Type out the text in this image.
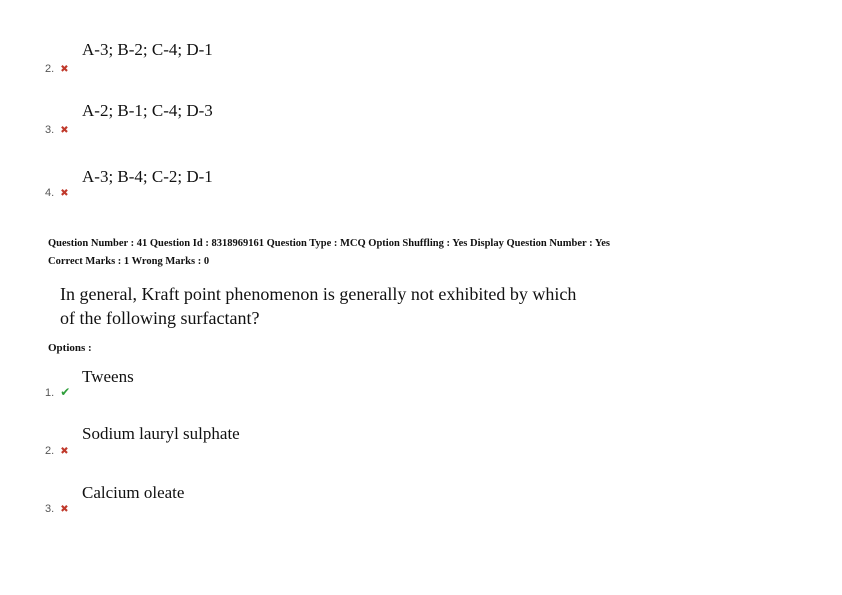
A-3; B-2; C-4; D-1
2. ✖
A-2; B-1; C-4; D-3
3. ✖
A-3; B-4; C-2; D-1
4. ✖
Question Number : 41 Question Id : 8318969161 Question Type : MCQ Option Shuffling : Yes Display Question Number : Yes
Correct Marks : 1 Wrong Marks : 0
In general, Kraft point phenomenon is generally not exhibited by which
of the following surfactant?
Options :
Tweens
1. ✔
Sodium lauryl sulphate
2. ✖
Calcium oleate
3. ✖
